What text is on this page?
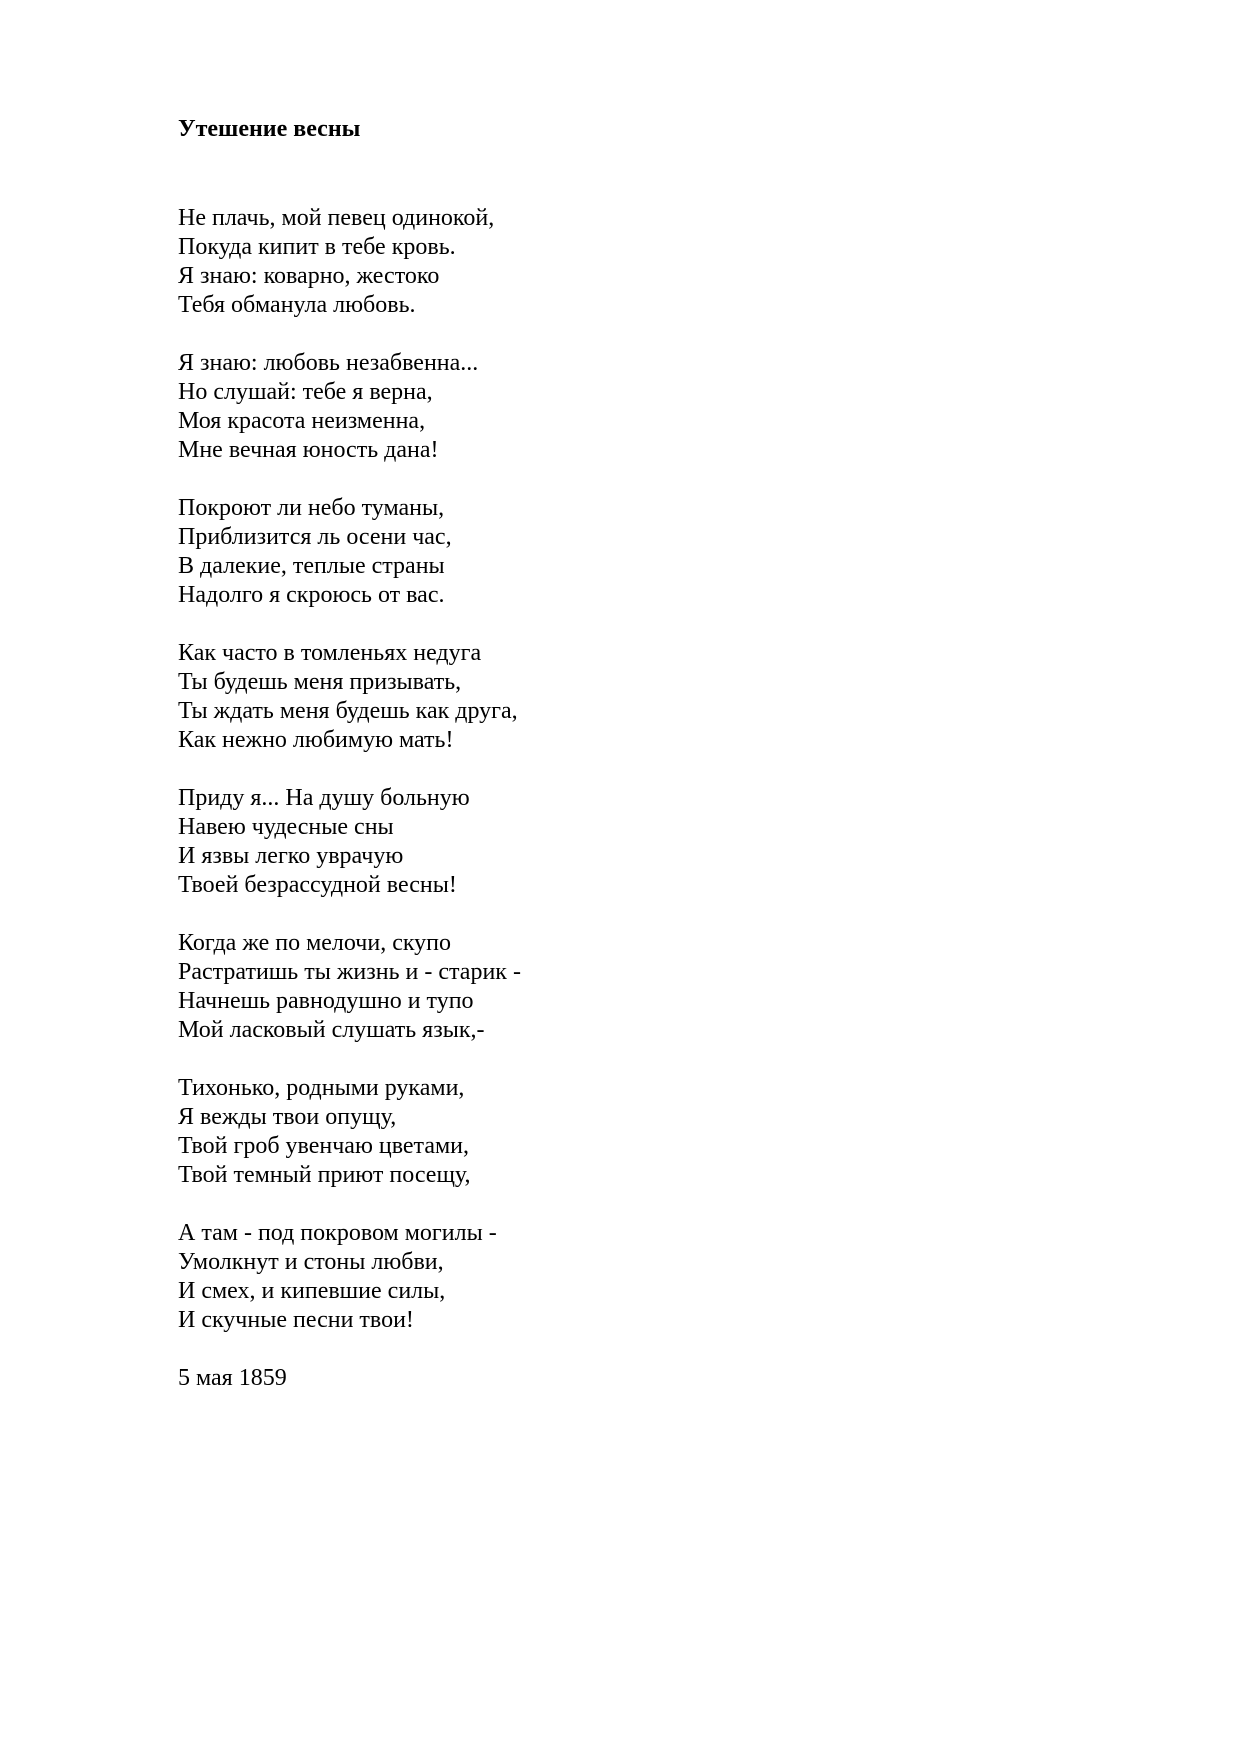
Утешение весны
Не плачь, мой певец одинокой,
Покуда кипит в тебе кровь.
Я знаю: коварно, жестоко
Тебя обманула любовь.
Я знаю: любовь незабвенна...
Но слушай: тебе я верна,
Моя красота неизменна,
Мне вечная юность дана!
Покроют ли небо туманы,
Приблизится ль осени час,
В далекие, теплые страны
Надолго я скроюсь от вас.
Как часто в томленьях недуга
Ты будешь меня призывать,
Ты ждать меня будешь как друга,
Как нежно любимую мать!
Приду я... На душу больную
Навею чудесные сны
И язвы легко уврачую
Твоей безрассудной весны!
Когда же по мелочи, скупо
Растратишь ты жизнь и - старик -
Начнешь равнодушно и тупо
Мой ласковый слушать язык,-
Тихонько, родными руками,
Я вежды твои опущу,
Твой гроб увенчаю цветами,
Твой темный приют посещу,
А там - под покровом могилы -
Умолкнут и стоны любви,
И смех, и кипевшие силы,
И скучные песни твои!

5 мая 1859
